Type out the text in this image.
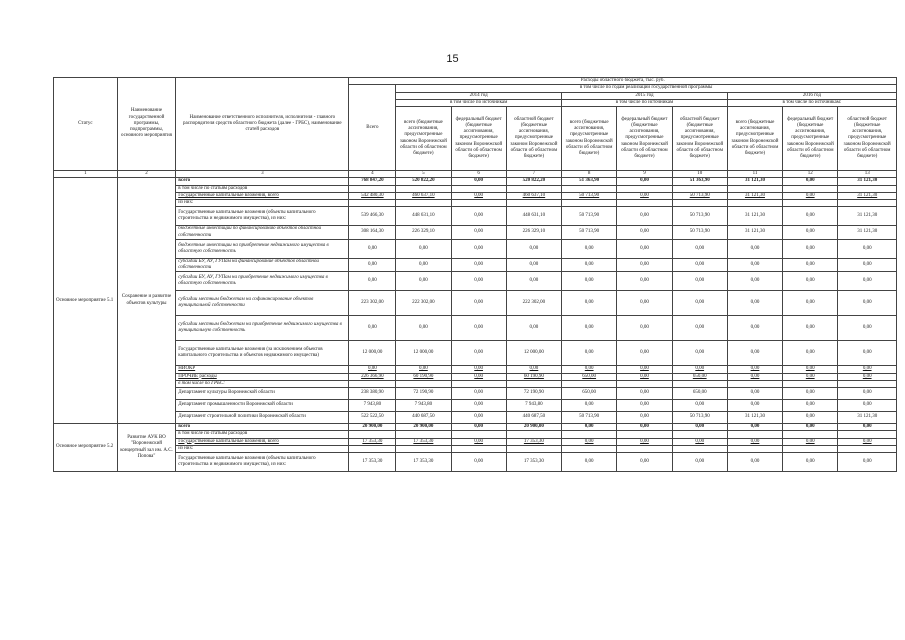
15
Статус	Наименование государственной программы, подпрограммы, основного мероприятия	Наименование ответственного исполнителя, исполнителя - главного распорядителя средств областного бюджета (далее - ГРБС), наименование статей расходов	Расходы областного бюджета, тыс. руб.									
			Всего	в том числе по годам реализации государственной программы								
				2014 год			2015 год			2016 год		
				в том числе по источникам			в том числе по источникам			в том числе по источникам:		
				всего (бюджетные ассигнования, предусмотренные законом Воронежской области об областном бюджете)	федеральный бюджет (бюджетные ассигнования, предусмотренные законом Воронежской области об областном бюджете)	областной бюджет (бюджетные ассигнования, предусмотренные законом Воронежской области об областном бюджете)	всего (бюджетные ассигнования, предусмотренные законом Воронежской области об областном бюджете)	федеральный бюджет (бюджетные ассигнования, предусмотренные законом Воронежской области об областном бюджете)	областной бюджет (бюджетные ассигнования, предусмотренные законом Воронежской области об областном бюджете)	всего (бюджетные ассигнования, предусмотренные законом Воронежской области об областном бюджете)	федеральный бюджет (бюджетные ассигнования, предусмотренные законом Воронежской области об областном бюджете)	областной бюджет (бюджетные ассигнования, предусмотренные законом Воронежской области об областном бюджете)
1	2	3	4	5	6	7	8	9	10	11	12	13
Основное мероприятие 5.1	Сохранение и развитие объектов культуры	всего	768 847,20	520 822,20	0,00	520 822,20	51 363,90	0,00	51 363,90	31 121,30	0,00	31 121,30
		в том числе по статьям расходов										
		Государственные капитальные вложения, всего	542 480,30	460 637,10	0,00	460 637,10	50 713,90	0,00	50 713,90	31 121,30	0,00	31 121,30
		из них:										
		Государственные капитальные вложения (объекты капитального строительства и недвижимого имущества), из них:	539 466,30	448 631,10	0,00	448 631,10	50 713,90	0,00	50 713,90	31 121,30	0,00	31 121,30
		бюджетные инвестиции по финансированию объектов областной собственности	308 164,30	226 329,10	0,00	226 329,10	50 713,90	0,00	50 713,90	31 121,30	0,00	31 121,30
		бюджетные инвестиции на приобретение недвижимого имущества в областную собственность	0,00	0,00	0,00	0,00	0,00	0,00	0,00	0,00	0,00	0,00
		субсидии БУ, АУ, ГУПам на финансирование объектов областной собственности	0,00	0,00	0,00	0,00	0,00	0,00	0,00	0,00	0,00	0,00
		субсидии БУ, АУ, ГУПам на приобретение недвижимого имущества в областную собственность	0,00	0,00	0,00	0,00	0,00	0,00	0,00	0,00	0,00	0,00
		субсидии местным бюджетам на софинансирование объектов муниципальной собственности	223 302,00	222 302,00	0,00	222 302,00	0,00	0,00	0,00	0,00	0,00	0,00
		субсидии местным бюджетам на приобретение недвижимого имущества в муниципальную собственность	0,00	0,00	0,00	0,00	0,00	0,00	0,00	0,00	0,00	0,00
		Государственные капитальные вложения (за исключением объектов капитального строительства и объектов недвижимого имущества)	12 000,00	12 000,00	0,00	12 000,00	0,00	0,00	0,00	0,00	0,00	0,00
		НИОКР	0,00	0,00	0,00	0,00	0,00	0,00	0,00	0,00	0,00	0,00
		ПРОЧИЕ расходы	226 366,90	60 190,90	0,00	60 190,90	650,00	0,00	650,00	0,00	0,00	0,00
		в том числе по ГРБС:										
		Департамент культуры Воронежской области	238 380,90	72 190,90	0,00	72 190,90	650,00	0,00	650,00	0,00	0,00	0,00
		Департамент промышленности Воронежской области	7 943,80	7 943,80	0,00	7 943,80	0,00	0,00	0,00	0,00	0,00	0,00
		Департамент строительной политики Воронежской области	522 522,50	440 687,50	0,00	440 687,50	50 713,90	0,00	50 713,90	31 121,30	0,00	31 121,30
Основное мероприятие 5.2	Развитие АУК ВО "Воронежский концертный зал им. А.С. Попова"	всего	20 900,00	20 900,00	0,00	20 900,00	0,00	0,00	0,00	0,00	0,00	0,00
		в том числе по статьям расходов										
		Государственные капитальные вложения, всего	17 353,30	17 353,30	0,00	17 353,30	0,00	0,00	0,00	0,00	0,00	0,00
		из них:										
		Государственные капитальные вложения (объекты капитального строительства и недвижимого имущества), из них:	17 353,30	17 353,30	0,00	17 353,30	0,00	0,00	0,00	0,00	0,00	0,00
